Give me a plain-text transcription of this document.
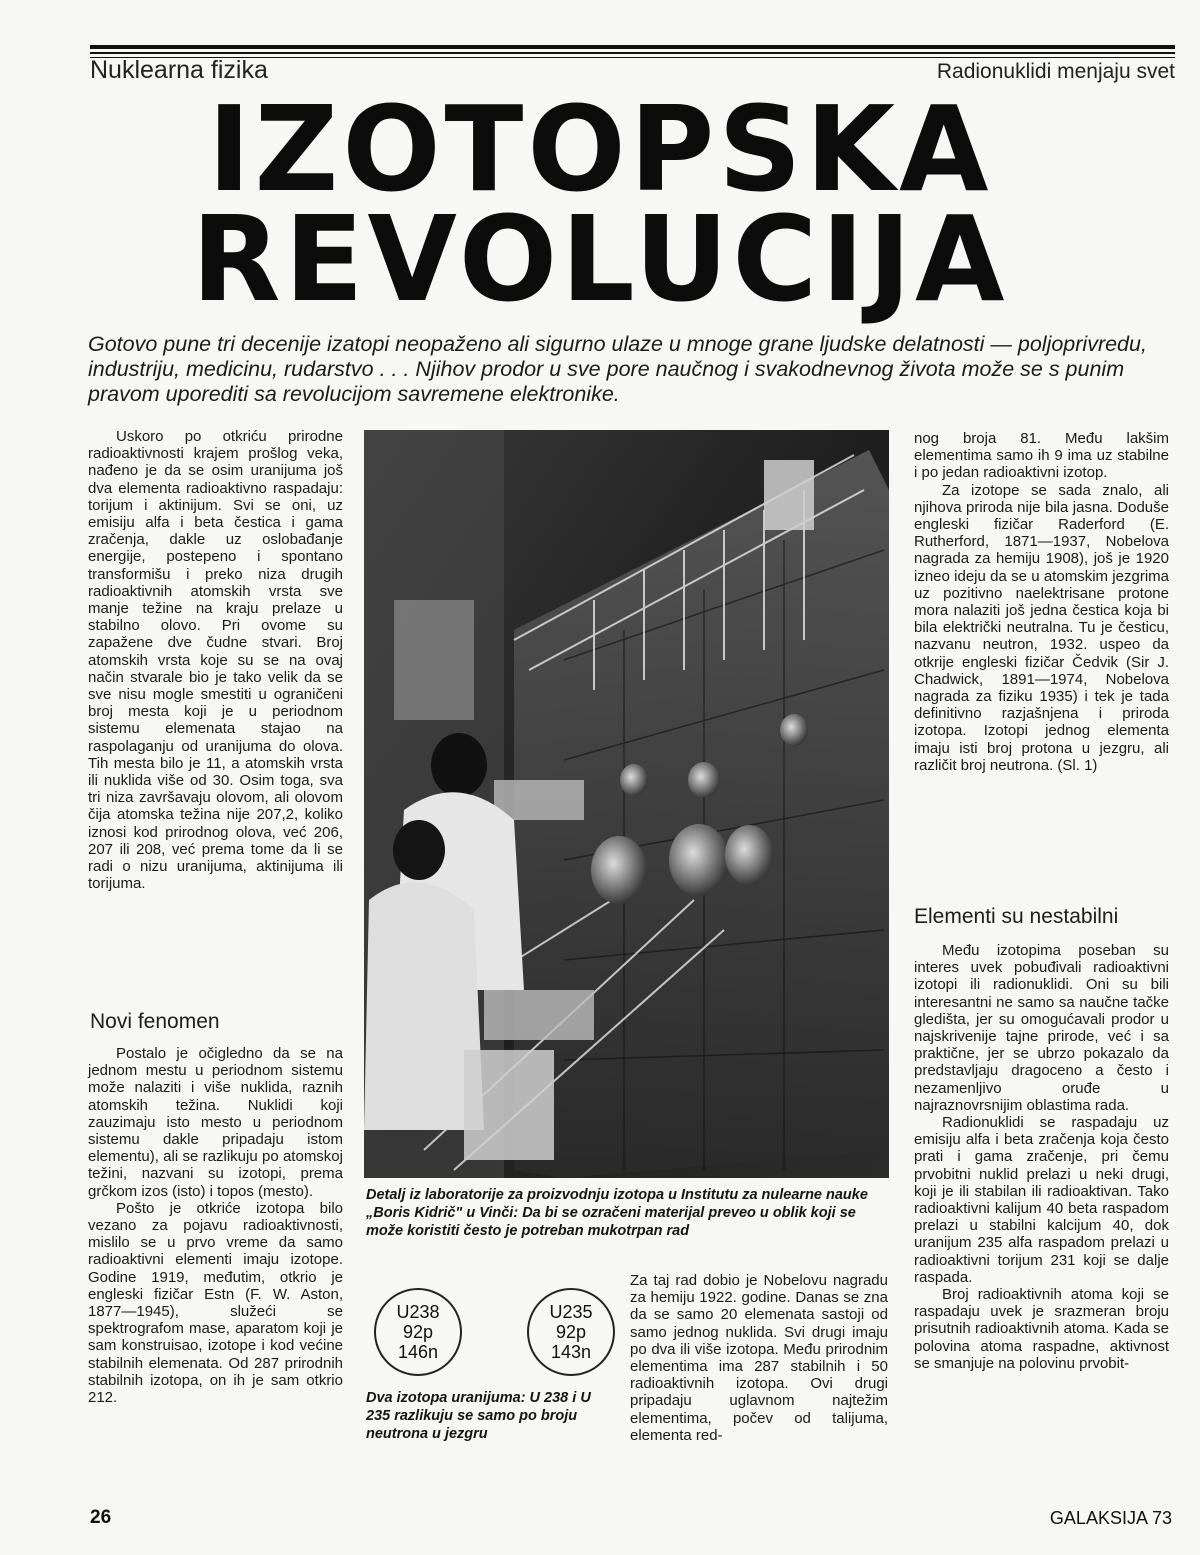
Nuklearna fizika	Radionuklidi menjaju svet
IZOTOPSKA
REVOLUCIJA
Gotovo pune tri decenije izatopi neopaženo ali sigurno ulaze u mnoge grane ljudske delatnosti — poljoprivredu, industriju, medicinu, rudarstvo . . . Njihov prodor u sve pore naučnog i svakodnevnog života može se s punim pravom uporediti sa revolucijom savremene elektronike.

Uskoro po otkriću prirodne radioaktivnosti krajem prošlog veka, nađeno je da se osim uranijuma još dva elementa radioaktivno raspadaju: torijum i aktinijum. Svi se oni, uz emisiju alfa i beta čestica i gama zračenja, dakle uz oslobađanje energije, postepeno i spontano transformišu i preko niza drugih radioaktivnih atomskih vrsta sve manje težine na kraju prelaze u stabilno olovo. Pri ovome su zapažene dve čudne stvari. Broj atomskih vrsta koje su se na ovaj način stvarale bio je tako velik da se sve nisu mogle smestiti u ograničeni broj mesta koji je u periodnom sistemu elemenata stajao na raspolaganju od uranijuma do olova. Tih mesta bilo je 11, a atomskih vrsta ili nuklida više od 30. Osim toga, sva tri niza završavaju olovom, ali olovom čija atomska težina nije 207,2, koliko iznosi kod prirodnog olova, već 206, 207 ili 208, već prema tome da li se radi o nizu uranijuma, aktinijuma ili torijuma.

Novi fenomen

Postalo je očigledno da se na jednom mestu u periodnom sistemu može nalaziti i više nuklida, raznih atomskih težina. Nuklidi koji zauzimaju isto mesto u periodnom sistemu dakle pripadaju istom elementu), ali se razlikuju po atomskoj težini, nazvani su izotopi, prema grčkom izos (isto) i topos (mesto).

Pošto je otkriće izotopa bilo vezano za pojavu radioaktivnosti, mislilo se u prvo vreme da samo radioaktivni elementi imaju izotope. Godine 1919, međutim, otkrio je engleski fizičar Estn (F. W. Aston, 1877—1945), služeći se spektrografom mase, aparatom koji je sam konstruisao, izotope i kod većine stabilnih elemenata. Od 287 prirodnih stabilnih izotopa, on ih je sam otkrio 212.

Detalj iz laboratorije za proizvodnju izotopa u Institutu za nulearne nauke „Boris Kidrič" u Vinči: Da bi se ozračeni materijal preveo u oblik koji se može koristiti često je potreban mukotrpan rad
U238
92p
146n
U235
92p
143n
Dva izotopa uranijuma: U 238 i U 235 razlikuju se samo po broju neutrona u jezgru

Za taj rad dobio je Nobelovu nagradu za hemiju 1922. godine. Danas se zna da se samo 20 elemenata sastoji od samo jednog nuklida. Svi drugi imaju po dva ili više izotopa. Među prirodnim elementima ima 287 stabilnih i 50 radioaktivnih izotopa. Ovi drugi pripadaju uglavnom najtežim elementima, počev od talijuma, elementa red-

nog broja 81. Među lakšim elementima samo ih 9 ima uz stabilne i po jedan radioaktivni izotop.

Za izotope se sada znalo, ali njihova priroda nije bila jasna. Doduše engleski fizičar Raderford (E. Rutherford, 1871—1937, Nobelova nagrada za hemiju 1908), još je 1920 izneo ideju da se u atomskim jezgrima uz pozitivno naelektrisane protone mora nalaziti još jedna čestica koja bi bila električki neutralna. Tu je česticu, nazvanu neutron, 1932. uspeo da otkrije engleski fizičar Čedvik (Sir J. Chadwick, 1891—1974, Nobelova nagrada za fiziku 1935) i tek je tada definitivno razjašnjena i priroda izotopa. Izotopi jednog elementa imaju isti broj protona u jezgru, ali različit broj neutrona. (Sl. 1)

Elementi su nestabilni

Među izotopima poseban su interes uvek pobuđivali radioaktivni izotopi ili radionuklidi. Oni su bili interesantni ne samo sa naučne tačke gledišta, jer su omogućavali prodor u najskrivenije tajne prirode, već i sa praktične, jer se ubrzo pokazalo da predstavljaju dragoceno a često i nezamenljivo oruđe u najraznovrsnijim oblastima rada.

Radionuklidi se raspadaju uz emisiju alfa i beta zračenja koja često prati i gama zračenje, pri čemu prvobitni nuklid prelazi u neki drugi, koji je ili stabilan ili radioaktivan. Tako radioaktivni kalijum 40 beta raspadom prelazi u stabilni kalcijum 40, dok uranijum 235 alfa raspadom prelazi u radioaktivni torijum 231 koji se dalje raspada.

Broj radioaktivnih atoma koji se raspadaju uvek je srazmeran broju prisutnih radioaktivnih atoma. Kada se polovina atoma raspadne, aktivnost se smanjuje na polovinu prvobit-

26	GALAKSIJA 73
